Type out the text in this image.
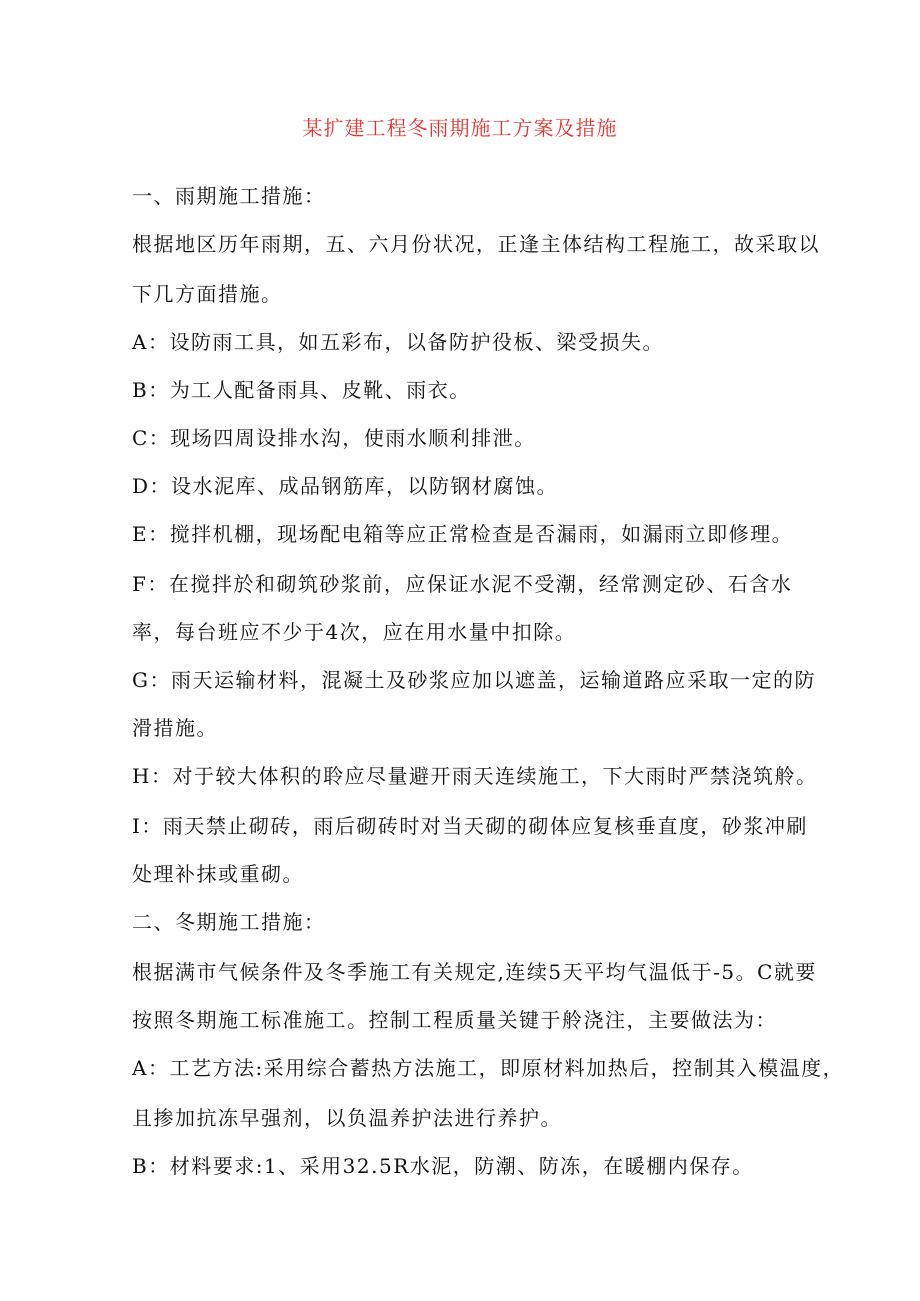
某扩建工程冬雨期施工方案及措施
一、雨期施工措施：
根据地区历年雨期，五、六月份状况，正逢主体结构工程施工，故采取以
下几方面措施。
A：设防雨工具，如五彩布，以备防护役板、梁受损失。
B：为工人配备雨具、皮靴、雨衣。
C：现场四周设排水沟，使雨水顺利排泄。
D：设水泥库、成品钢筋库，以防钢材腐蚀。
E：搅拌机棚，现场配电箱等应正常检查是否漏雨，如漏雨立即修理。
F：在搅拌於和砌筑砂浆前，应保证水泥不受潮，经常测定砂、石含水
率，每台班应不少于4次，应在用水量中扣除。
G：雨天运输材料，混凝土及砂浆应加以遮盖，运输道路应采取一定的防
滑措施。
H：对于较大体积的聆应尽量避开雨天连续施工，下大雨时严禁浇筑舲。
I：雨天禁止砌砖，雨后砌砖时对当天砌的砌体应复核垂直度，砂浆冲刷
处理补抹或重砌。
二、冬期施工措施：
根据满市气候条件及冬季施工有关规定,连续5天平均气温低于-5。C就要
按照冬期施工标准施工。控制工程质量关键于舲浇注，主要做法为：
A：工艺方法:采用综合蓄热方法施工，即原材料加热后，控制其入模温度，
且掺加抗冻早强剂，以负温养护法进行养护。
B：材料要求:1、采用32.5R水泥，防潮、防冻，在暖棚内保存。
